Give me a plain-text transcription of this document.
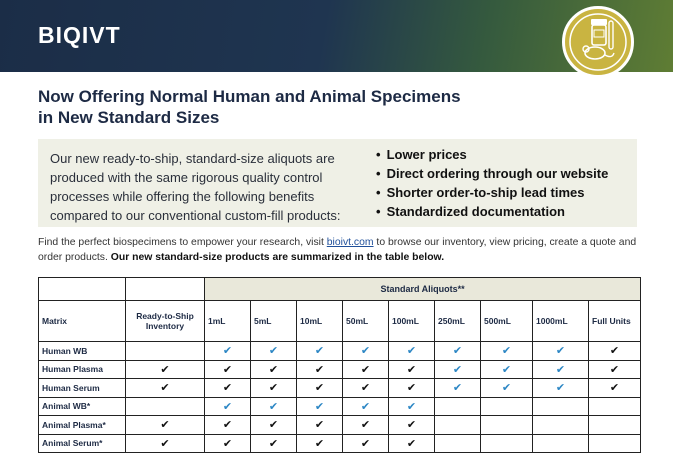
BIQIVT
Now Offering Normal Human and Animal Specimens
in New Standard Sizes
Our new ready-to-ship, standard-size aliquots are produced with the same rigorous quality control processes while offering the following benefits compared to our conventional custom-fill products:
• Lower prices
• Direct ordering through our website
• Shorter order-to-ship lead times
• Standardized documentation
Find the perfect biospecimens to empower your research, visit bioivt.com to browse our inventory, view pricing, create a quote and order products. Our new standard-size products are summarized in the table below.
		Standard Aliquots**								
Matrix	Ready-to-Ship Inventory	1mL	5mL	10mL	50mL	100mL	250mL	500mL	1000mL	Full Units
Human WB		✔	✔	✔	✔	✔	✔	✔	✔	✔
Human Plasma	✔	✔	✔	✔	✔	✔	✔	✔	✔	✔
Human Serum	✔	✔	✔	✔	✔	✔	✔	✔	✔	✔
Animal WB*		✔	✔	✔	✔	✔				
Animal Plasma*	✔	✔	✔	✔	✔	✔				
Animal Serum*	✔	✔	✔	✔	✔	✔				
